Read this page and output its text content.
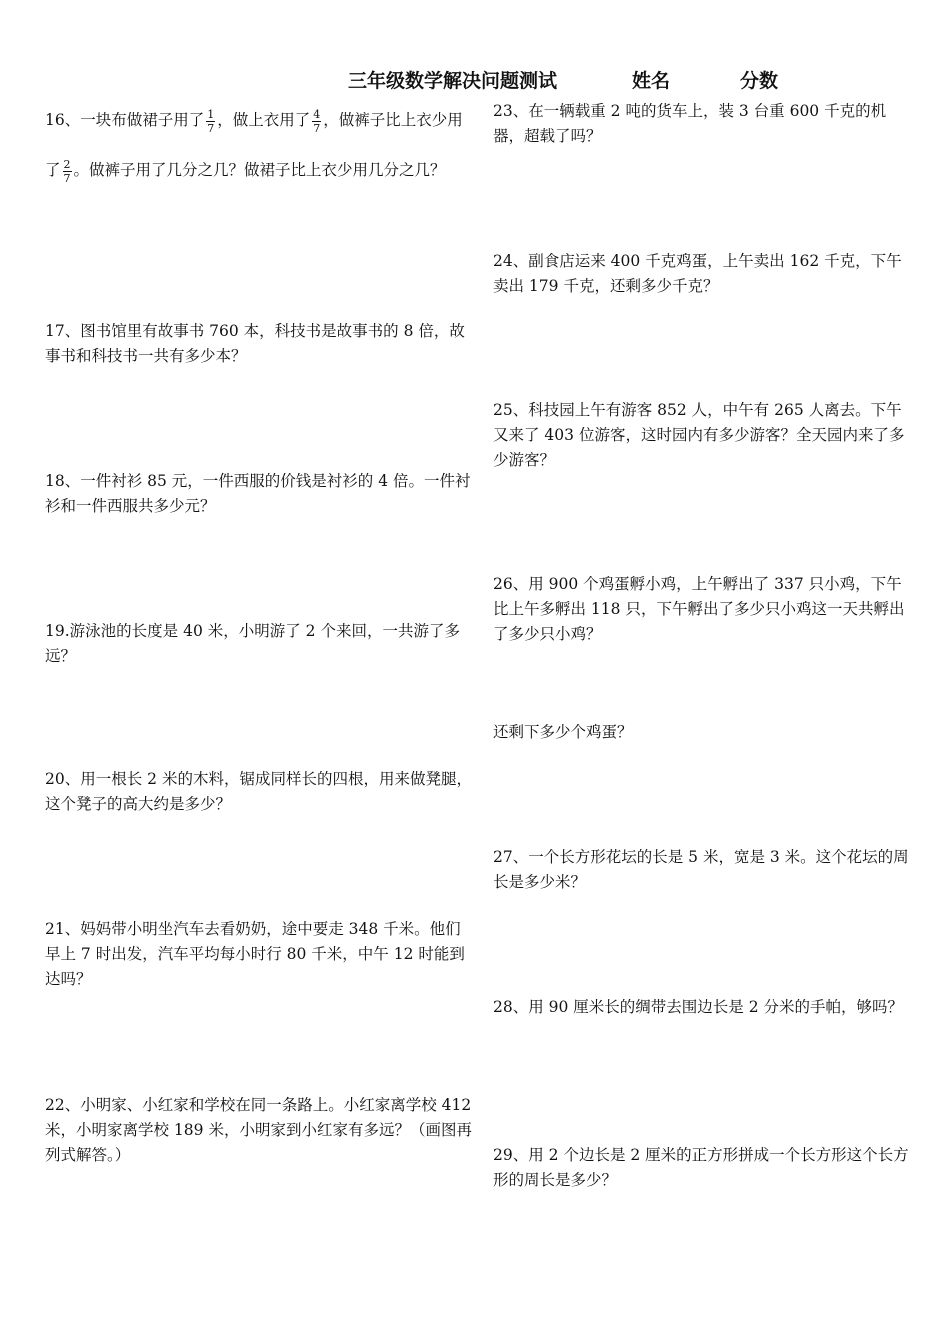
三年级数学解决问题测试	姓名	分数

16、一块布做裙子用了 $\frac{1}{7}$ ，做上衣用了 $\frac{4}{7}$ ，做裤子比上衣少用了 $\frac{2}{7}$ 。做裤子用了几分之几？做裙子比上衣少用几分之几？

17、图书馆里有故事书 760 本，科技书是故事书的 8 倍，故事书和科技书一共有多少本？

18、一件衬衫 85 元，一件西服的价钱是衬衫的 4 倍。一件衬衫和一件西服共多少元？

19.游泳池的长度是 40 米，小明游了 2 个来回，一共游了多远？

20、用一根长 2 米的木料，锯成同样长的四根，用来做凳腿，这个凳子的高大约是多少？

21、妈妈带小明坐汽车去看奶奶，途中要走 348 千米。他们早上 7 时出发，汽车平均每小时行 80 千米，中午 12 时能到达吗？

22、小明家、小红家和学校在同一条路上。小红家离学校 412 米，小明家离学校 189 米，小明家到小红家有多远？（画图再列式解答。）

23、在一辆载重 2 吨的货车上，装 3 台重 600 千克的机器，超载了吗？

24、副食店运来 400 千克鸡蛋，上午卖出 162 千克，下午卖出 179 千克，还剩多少千克？

25、科技园上午有游客 852 人，中午有 265 人离去。下午又来了 403 位游客，这时园内有多少游客？全天园内来了多少游客？

26、用 900 个鸡蛋孵小鸡，上午孵出了 337 只小鸡，下午比上午多孵出 118 只，下午孵出了多少只小鸡这一天共孵出了多少只小鸡？

还剩下多少个鸡蛋？

27、一个长方形花坛的长是 5 米，宽是 3 米。这个花坛的周长是多少米？

28、用 90 厘米长的绸带去围边长是 2 分米的手帕，够吗？

29、用 2 个边长是 2 厘米的正方形拼成一个长方形这个长方形的周长是多少？
